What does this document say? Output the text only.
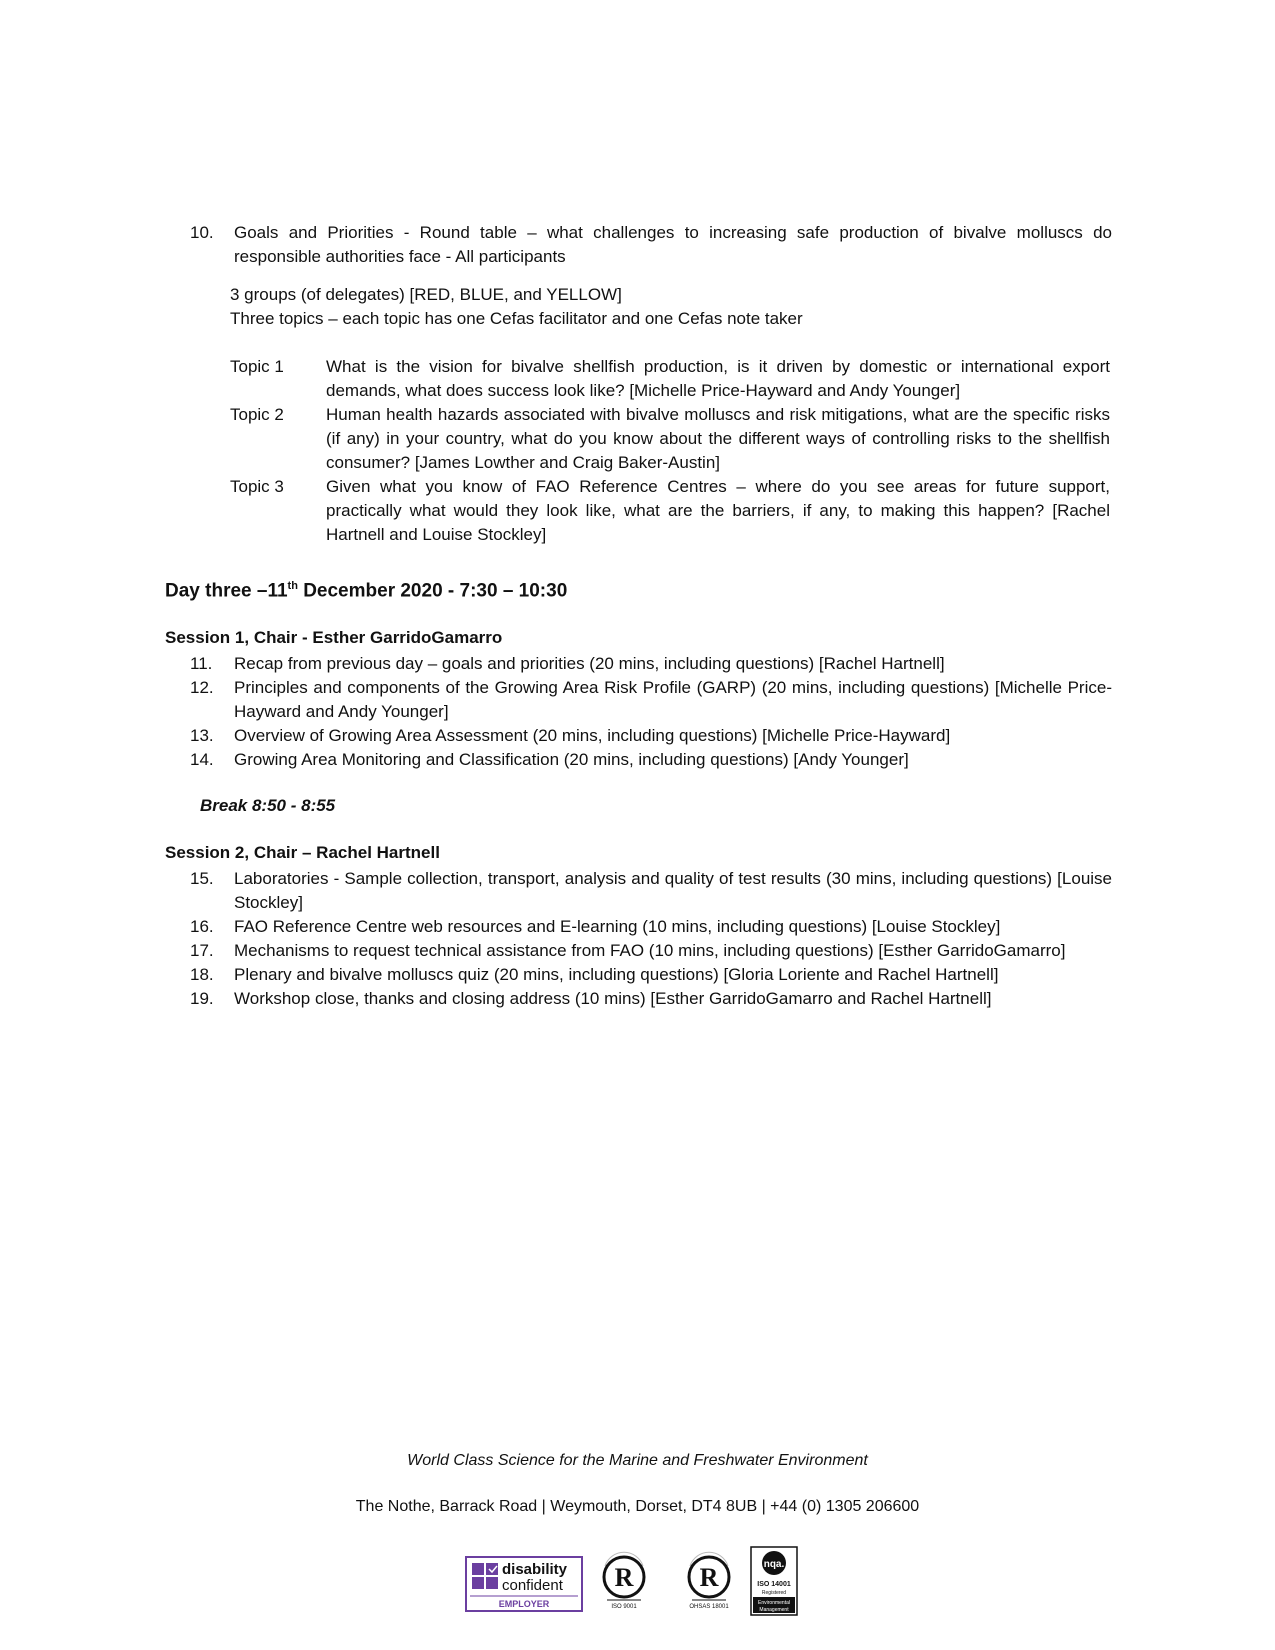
10.	Goals and Priorities - Round table – what challenges to increasing safe production of bivalve molluscs do responsible authorities face - All participants
3 groups (of delegates) [RED, BLUE, and YELLOW]
Three topics – each topic has one Cefas facilitator and one Cefas note taker
Topic 1	What is the vision for bivalve shellfish production, is it driven by domestic or international export demands, what does success look like? [Michelle Price-Hayward and Andy Younger]
Topic 2	Human health hazards associated with bivalve molluscs and risk mitigations, what are the specific risks (if any) in your country, what do you know about the different ways of controlling risks to the shellfish consumer? [James Lowther and Craig Baker-Austin]
Topic 3	Given what you know of FAO Reference Centres – where do you see areas for future support, practically what would they look like, what are the barriers, if any, to making this happen? [Rachel Hartnell and Louise Stockley]
Day three –11th December 2020 - 7:30 – 10:30
Session 1, Chair - Esther GarridoGamarro
11.	Recap from previous day – goals and priorities (20 mins, including questions) [Rachel Hartnell]
12.	Principles and components of the Growing Area Risk Profile (GARP) (20 mins, including questions) [Michelle Price-Hayward and Andy Younger]
13.	Overview of Growing Area Assessment (20 mins, including questions) [Michelle Price-Hayward]
14.	Growing Area Monitoring and Classification (20 mins, including questions) [Andy Younger]
Break 8:50 - 8:55
Session 2, Chair – Rachel Hartnell
15.	Laboratories - Sample collection, transport, analysis and quality of test results (30 mins, including questions) [Louise Stockley]
16.	FAO Reference Centre web resources and E-learning (10 mins, including questions) [Louise Stockley]
17.	Mechanisms to request technical assistance from FAO (10 mins, including questions) [Esther GarridoGamarro]
18.	Plenary and bivalve molluscs quiz (20 mins, including questions) [Gloria Loriente and Rachel Hartnell]
19.	Workshop close, thanks and closing address (10 mins) [Esther GarridoGamarro and Rachel Hartnell]
World Class Science for the Marine and Freshwater Environment
The Nothe, Barrack Road | Weymouth, Dorset, DT4 8UB | +44 (0) 1305 206600
disability
confident
EMPLOYER
R
ISO 9001
R
OHSAS 18001
nqa.
ISO 14001
Registered
Environmental
Management
